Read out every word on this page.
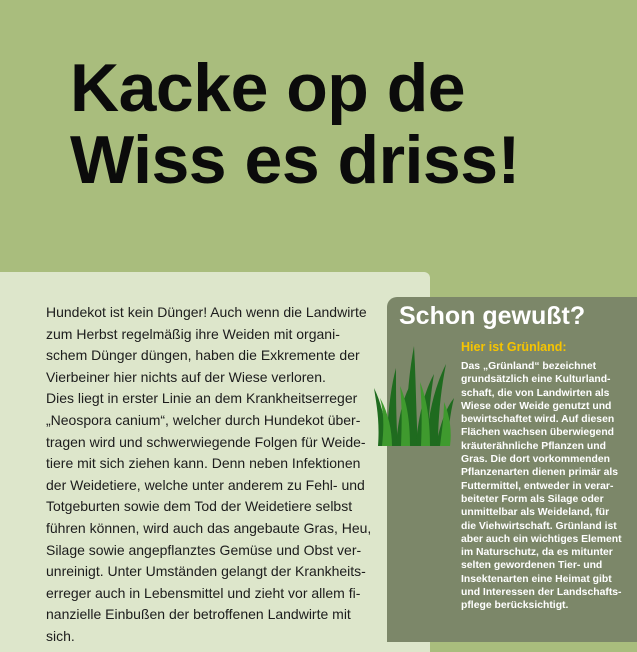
Kacke op de
Wiss es driss!

Hundekot ist kein Dünger! Auch wenn die Landwirte
zum Herbst regelmäßig ihre Weiden mit organi-
schem Dünger düngen, haben die Exkremente der
Vierbeiner hier nichts auf der Wiese verloren.
Dies liegt in erster Linie an dem Krankheitserreger
„Neospora canium“, welcher durch Hundekot über-
tragen wird und schwerwiegende Folgen für Weide-
tiere mit sich ziehen kann. Denn neben Infektionen
der Weidetiere, welche unter anderem zu Fehl- und
Totgeburten sowie dem Tod der Weidetiere selbst
führen können, wird auch das angebaute Gras, Heu,
Silage sowie angepflanztes Gemüse und Obst ver-
unreinigt. Unter Umständen gelangt der Krankheits-
erreger auch in Lebensmittel und zieht vor allem fi-
nanzielle Einbußen der betroffenen Landwirte mit
sich.

Schon gewußt?

Hier ist Grünland:

Das „Grünland“ bezeichnet
grundsätzlich eine Kulturland-
schaft, die von Landwirten als
Wiese oder Weide genutzt und
bewirtschaftet wird. Auf diesen
Flächen wachsen überwiegend
kräuterähnliche Pflanzen und
Gras. Die dort vorkommenden
Pflanzenarten dienen primär als
Futtermittel, entweder in verar-
beiteter Form als Silage oder
unmittelbar als Weideland, für
die Viehwirtschaft. Grünland ist
aber auch ein wichtiges Element
im Naturschutz, da es mitunter
selten gewordenen Tier- und
Insektenarten eine Heimat gibt
und Interessen der Landschafts-
pflege berücksichtigt.
